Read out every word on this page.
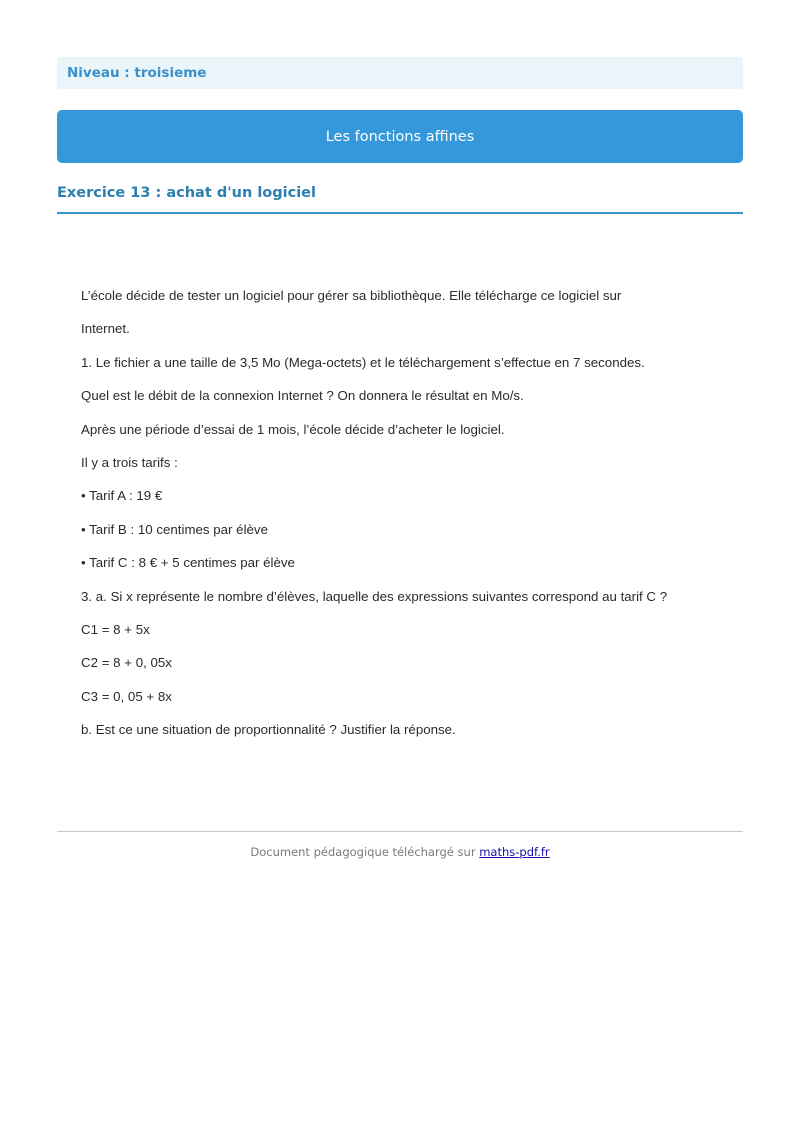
Niveau : troisieme
Les fonctions affines
Exercice 13 : achat d'un logiciel
L’école décide de tester un logiciel pour gérer sa bibliothèque. Elle télécharge ce logiciel sur
Internet.
1. Le fichier a une taille de 3,5 Mo (Mega-octets) et le téléchargement s’effectue en 7 secondes.
Quel est le débit de la connexion Internet ? On donnera le résultat en Mo/s.
Après une période d’essai de 1 mois, l’école décide d’acheter le logiciel.
Il y a trois tarifs :
• Tarif A : 19 €
• Tarif B : 10 centimes par élève
• Tarif C : 8 € + 5 centimes par élève
3. a. Si x représente le nombre d’élèves, laquelle des expressions suivantes correspond au tarif C ?
C1 = 8 + 5x
C2 = 8 + 0, 05x
C3 = 0, 05 + 8x
b. Est ce une situation de proportionnalité ? Justifier la réponse.
Document pédagogique téléchargé sur maths-pdf.fr
